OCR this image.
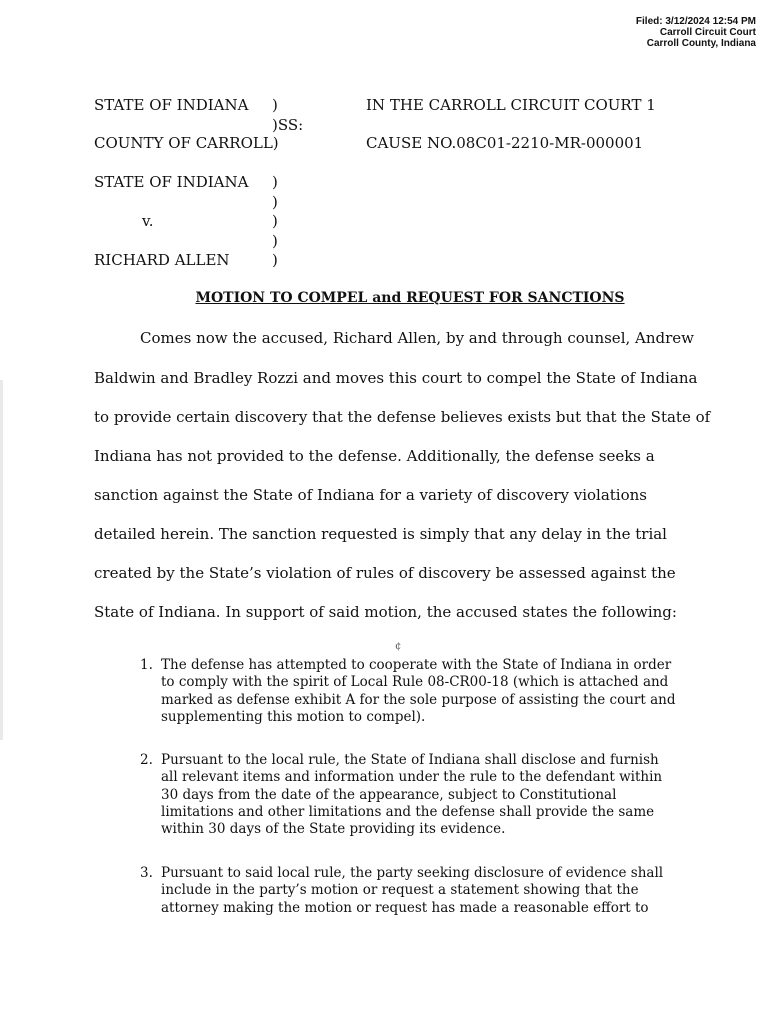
Filed: 3/12/2024 12:54 PM
Carroll Circuit Court
Carroll County, Indiana
STATE OF INDIANA )
)SS:
COUNTY OF CARROLL)
IN THE CARROLL CIRCUIT COURT 1
CAUSE NO.08C01-2210-MR-000001
STATE OF INDIANA )
)
v.	)
)
RICHARD ALLEN	)
MOTION TO COMPEL and REQUEST FOR SANCTIONS
Comes now the accused, Richard Allen, by and through counsel, Andrew
Baldwin and Bradley Rozzi and moves this court to compel the State of Indiana
to provide certain discovery that the defense believes exists but that the State of
Indiana has not provided to the defense. Additionally, the defense seeks a
sanction against the State of Indiana for a variety of discovery violations
detailed herein. The sanction requested is simply that any delay in the trial
created by the State’s violation of rules of discovery be assessed against the
State of Indiana. In support of said motion, the accused states the following:
¢
1. The defense has attempted to cooperate with the State of Indiana in order
to comply with the spirit of Local Rule 08-CR00-18 (which is attached and
marked as defense exhibit A for the sole purpose of assisting the court and
supplementing this motion to compel).
2. Pursuant to the local rule, the State of Indiana shall disclose and furnish
all relevant items and information under the rule to the defendant within
30 days from the date of the appearance, subject to Constitutional
limitations and other limitations and the defense shall provide the same
within 30 days of the State providing its evidence.
3. Pursuant to said local rule, the party seeking disclosure of evidence shall
include in the party’s motion or request a statement showing that the
attorney making the motion or request has made a reasonable effort to
